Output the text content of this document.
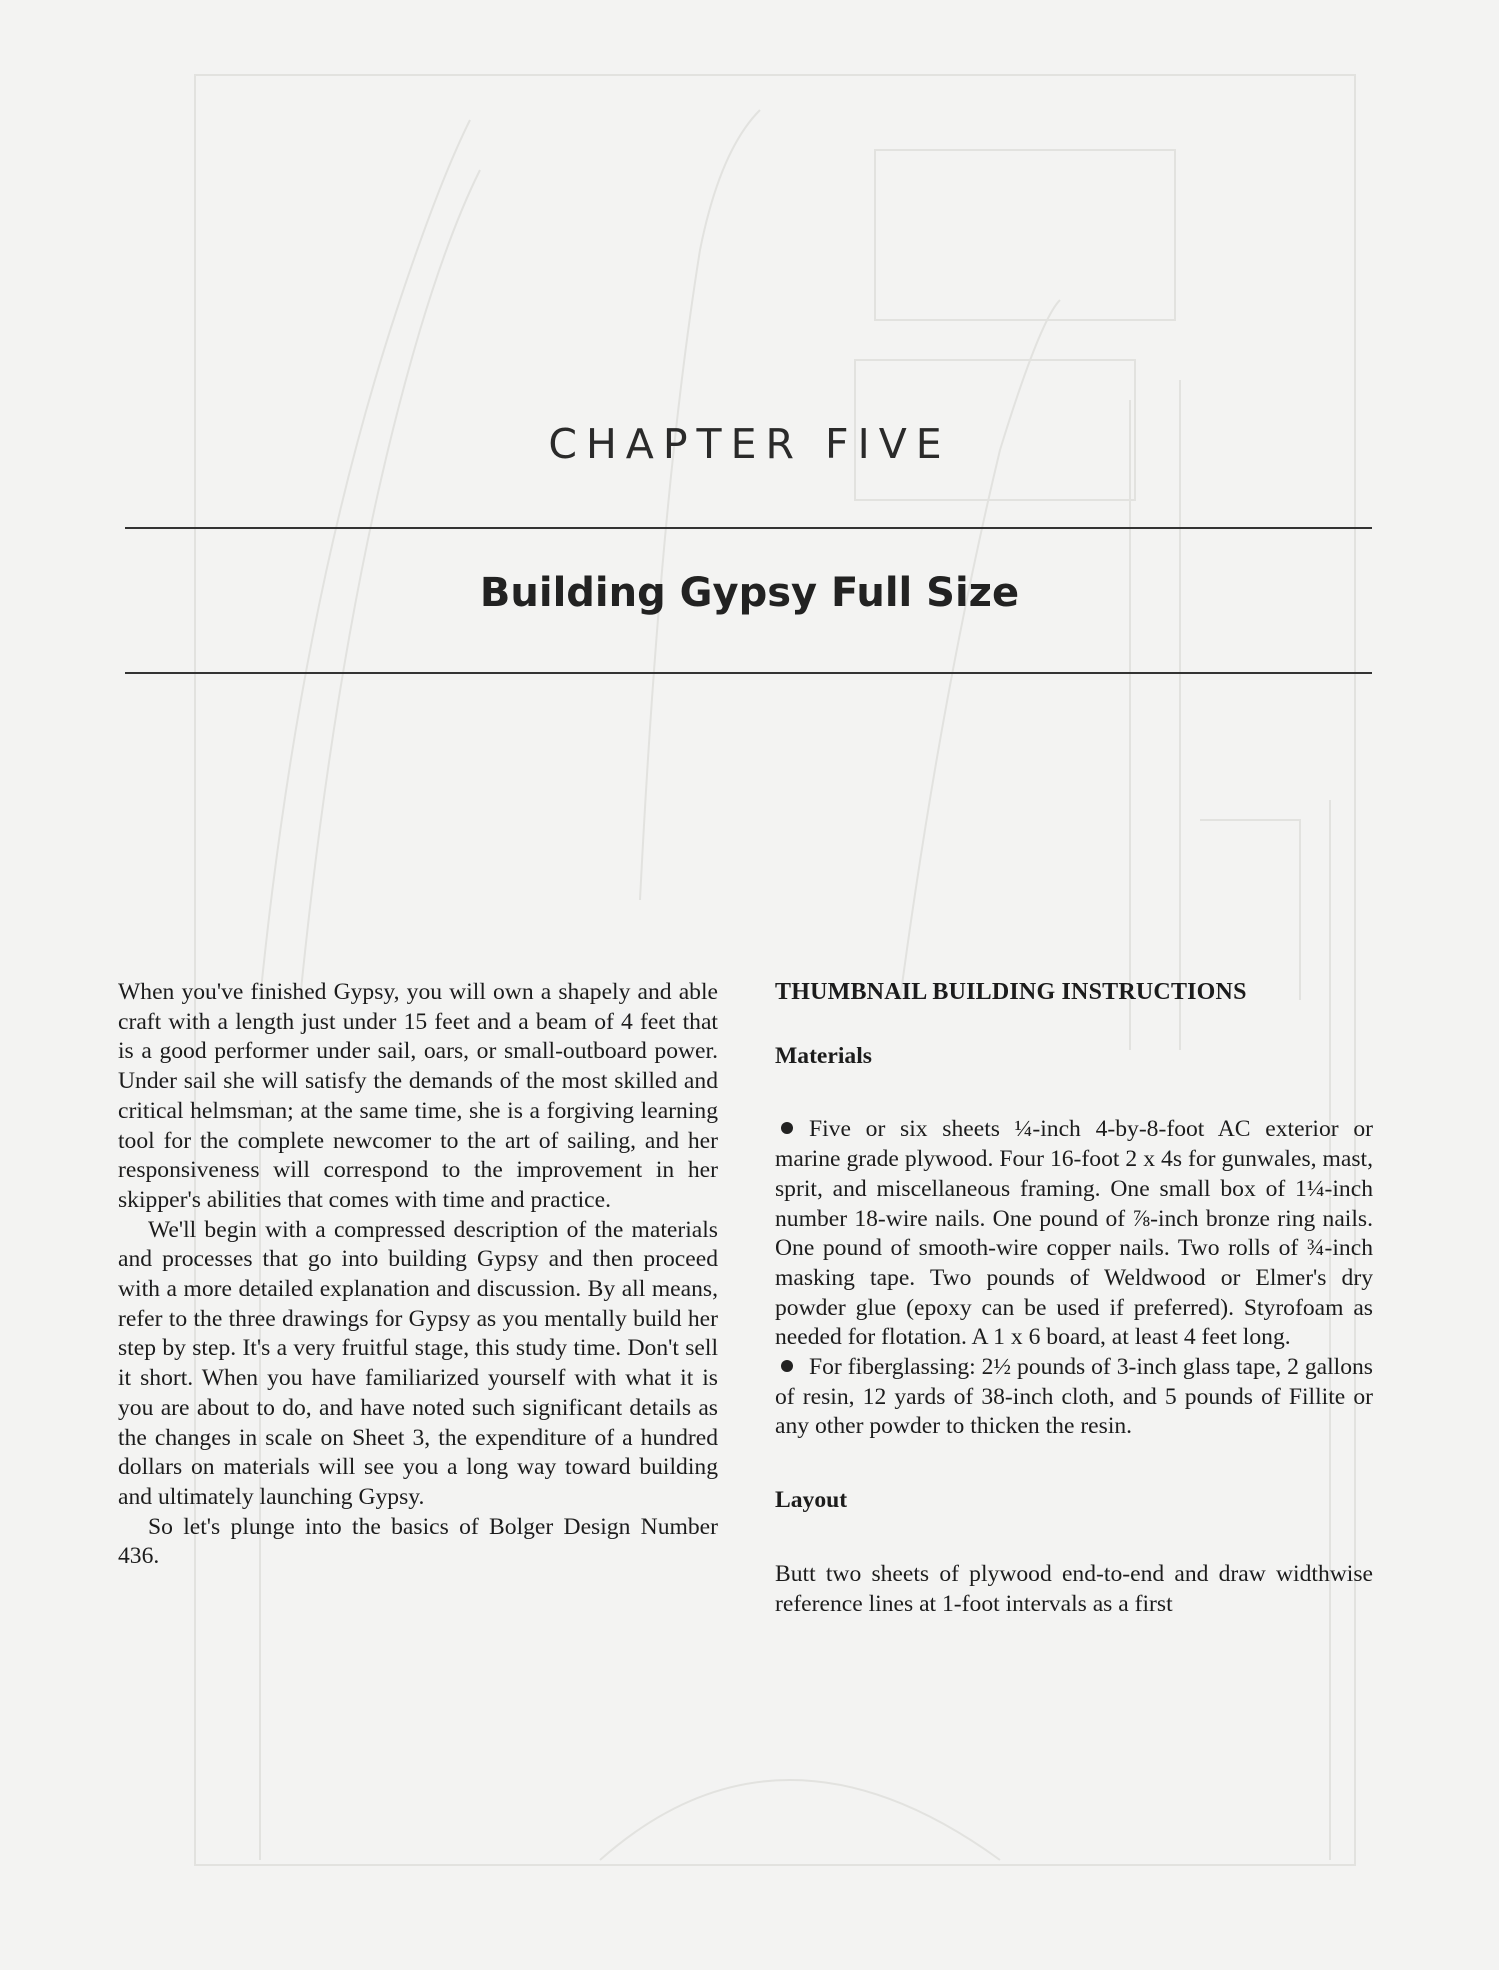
CHAPTER FIVE
Building Gypsy Full Size

When you've finished Gypsy, you will own a shapely and able craft with a length just under 15 feet and a beam of 4 feet that is a good performer under sail, oars, or small-outboard power. Under sail she will satisfy the demands of the most skilled and critical helmsman; at the same time, she is a forgiving learning tool for the complete newcomer to the art of sailing, and her responsiveness will correspond to the improvement in her skipper's abilities that comes with time and practice.

We'll begin with a compressed description of the materials and processes that go into building Gypsy and then proceed with a more detailed explanation and discussion. By all means, refer to the three drawings for Gypsy as you mentally build her step by step. It's a very fruitful stage, this study time. Don't sell it short. When you have familiarized yourself with what it is you are about to do, and have noted such significant details as the changes in scale on Sheet 3, the expenditure of a hundred dollars on materials will see you a long way toward building and ultimately launching Gypsy.

So let's plunge into the basics of Bolger Design Number 436.

THUMBNAIL BUILDING INSTRUCTIONS
Materials

Five or six sheets ¼-inch 4-by-8-foot AC exterior or marine grade plywood. Four 16-foot 2 x 4s for gunwales, mast, sprit, and miscellaneous framing. One small box of 1¼-inch number 18-wire nails. One pound of ⅞-inch bronze ring nails. One pound of smooth-wire copper nails. Two rolls of ¾-inch masking tape. Two pounds of Weldwood or Elmer's dry powder glue (epoxy can be used if preferred). Styrofoam as needed for flotation. A 1 x 6 board, at least 4 feet long.

For fiberglassing: 2½ pounds of 3-inch glass tape, 2 gallons of resin, 12 yards of 38-inch cloth, and 5 pounds of Fillite or any other powder to thicken the resin.

Layout

Butt two sheets of plywood end-to-end and draw widthwise reference lines at 1-foot intervals as a first
